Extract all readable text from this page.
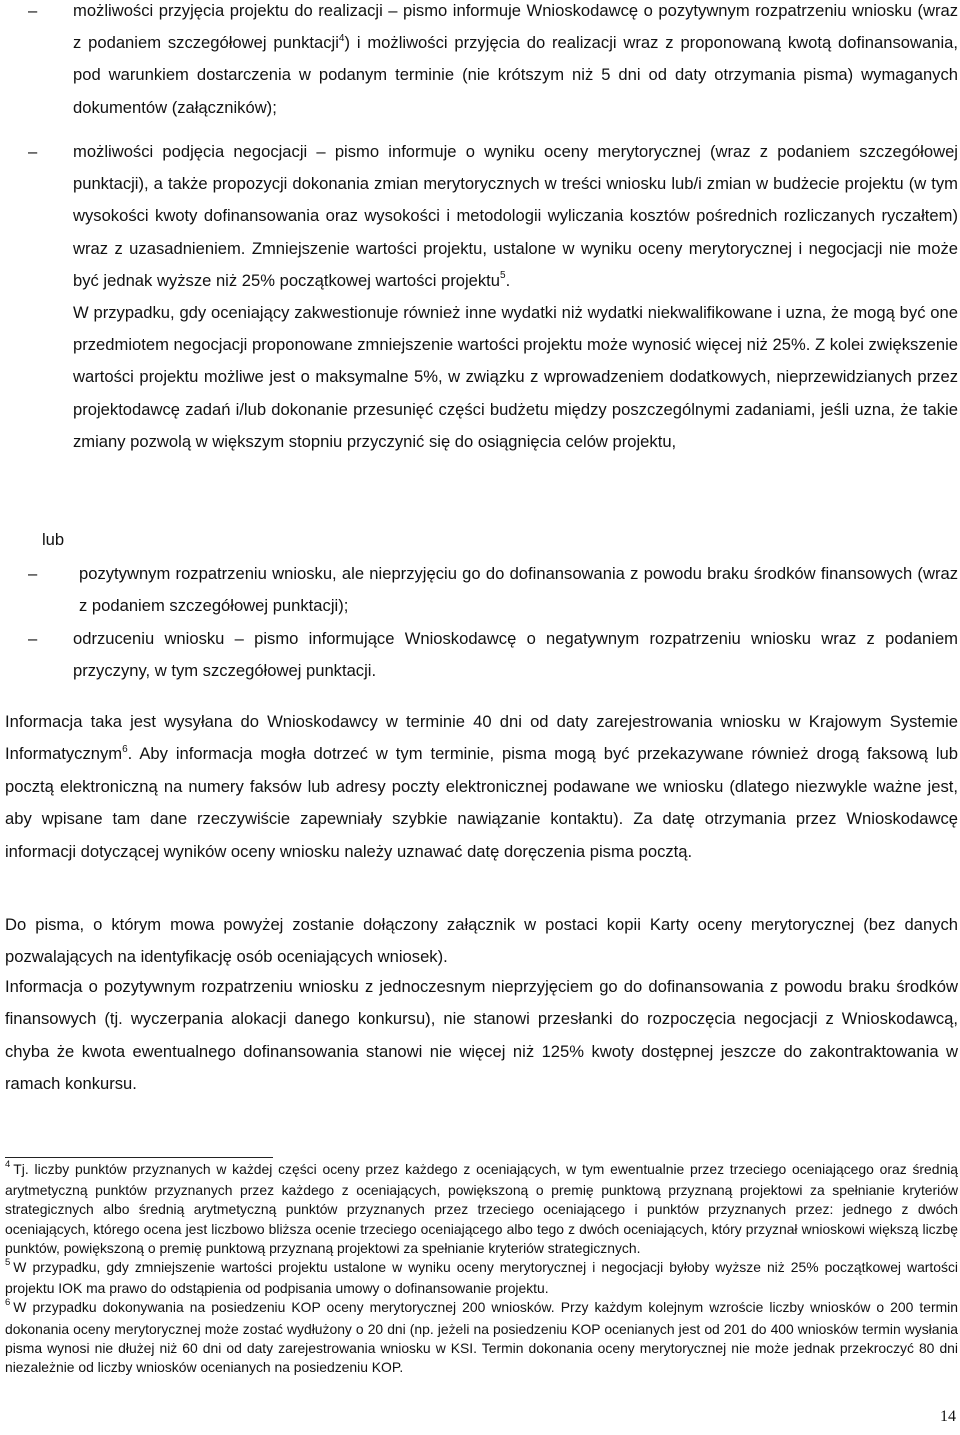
–	możliwości przyjęcia projektu do realizacji – pismo informuje Wnioskodawcę o pozytywnym rozpatrzeniu wniosku (wraz z podaniem szczegółowej punktacji$^4$) i możliwości przyjęcia do realizacji wraz z proponowaną kwotą dofinansowania, pod warunkiem dostarczenia w podanym terminie (nie krótszym niż 5 dni od daty otrzymania pisma) wymaganych dokumentów (załączników);

–	możliwości podjęcia negocjacji – pismo informuje o wyniku oceny merytorycznej (wraz z podaniem szczegółowej punktacji), a także propozycji dokonania zmian merytorycznych w treści wniosku lub/i zmian w budżecie projektu (w tym wysokości kwoty dofinansowania oraz wysokości i metodologii wyliczania kosztów pośrednich rozliczanych ryczałtem) wraz z uzasadnieniem. Zmniejszenie wartości projektu, ustalone w wyniku oceny merytorycznej i negocjacji nie może być jednak wyższe niż 25% początkowej wartości projektu$^5$.

W przypadku, gdy oceniający zakwestionuje również inne wydatki niż wydatki niekwalifikowane i uzna, że mogą być one przedmiotem negocjacji proponowane zmniejszenie wartości projektu może wynosić więcej niż 25%. Z kolei zwiększenie wartości projektu możliwe jest o maksymalne 5%, w związku z wprowadzeniem dodatkowych, nieprzewidzianych przez projektodawcę zadań i/lub dokonanie przesunięć części budżetu między poszczególnymi zadaniami, jeśli uzna, że takie zmiany pozwolą w większym stopniu przyczynić się do osiągnięcia celów projektu,

lub
–	pozytywnym rozpatrzeniu wniosku, ale nieprzyjęciu go do dofinansowania z powodu braku środków finansowych (wraz z podaniem szczegółowej punktacji);

–	odrzuceniu wniosku – pismo informujące Wnioskodawcę o negatywnym rozpatrzeniu wniosku wraz z podaniem przyczyny, w tym szczegółowej punktacji.

Informacja taka jest wysyłana do Wnioskodawcy w terminie 40 dni od daty zarejestrowania wniosku w Krajowym Systemie Informatycznym$^6$. Aby informacja mogła dotrzeć w tym terminie, pisma mogą być przekazywane również drogą faksową lub pocztą elektroniczną na numery faksów lub adresy poczty elektronicznej podawane we wniosku (dlatego niezwykle ważne jest, aby wpisane tam dane rzeczywiście zapewniały szybkie nawiązanie kontaktu). Za datę otrzymania przez Wnioskodawcę informacji dotyczącej wyników oceny wniosku należy uznawać datę doręczenia pisma pocztą.

Do pisma, o którym mowa powyżej zostanie dołączony załącznik w postaci kopii Karty oceny merytorycznej (bez danych pozwalających na identyfikację osób oceniających wniosek).

Informacja o pozytywnym rozpatrzeniu wniosku z jednoczesnym nieprzyjęciem go do dofinansowania z powodu braku środków finansowych (tj. wyczerpania alokacji danego konkursu), nie stanowi przesłanki do rozpoczęcia negocjacji z Wnioskodawcą, chyba że kwota ewentualnego dofinansowania stanowi nie więcej niż 125% kwoty dostępnej jeszcze do zakontraktowania w ramach konkursu.

$^4$ Tj. liczby punktów przyznanych w każdej części oceny przez każdego z oceniających, w tym ewentualnie przez trzeciego oceniającego oraz średnią arytmetyczną punktów przyznanych przez każdego z oceniających, powiększoną o premię punktową przyznaną projektowi za spełnianie kryteriów strategicznych albo średnią arytmetyczną punktów przyznanych przez trzeciego oceniającego i punktów przyznanych przez: jednego z dwóch oceniających, którego ocena jest liczbowo bliższa ocenie trzeciego oceniającego albo tego z dwóch oceniających, który przyznał wnioskowi większą liczbę punktów, powiększoną o premię punktową przyznaną projektowi za spełnianie kryteriów strategicznych.

$^5$ W przypadku, gdy zmniejszenie wartości projektu ustalone w wyniku oceny merytorycznej i negocjacji byłoby wyższe niż 25% początkowej wartości projektu IOK ma prawo do odstąpienia od podpisania umowy o dofinansowanie projektu.

$^6$ W przypadku dokonywania na posiedzeniu KOP oceny merytorycznej 200 wniosków. Przy każdym kolejnym wzroście liczby wniosków o 200 termin dokonania oceny merytorycznej może zostać wydłużony o 20 dni (np. jeżeli na posiedzeniu KOP ocenianych jest od 201 do 400 wniosków termin wysłania pisma wynosi nie dłużej niż 60 dni od daty zarejestrowania wniosku w KSI. Termin dokonania oceny merytorycznej nie może jednak przekroczyć 80 dni niezależnie od liczby wniosków ocenianych na posiedzeniu KOP.

14
